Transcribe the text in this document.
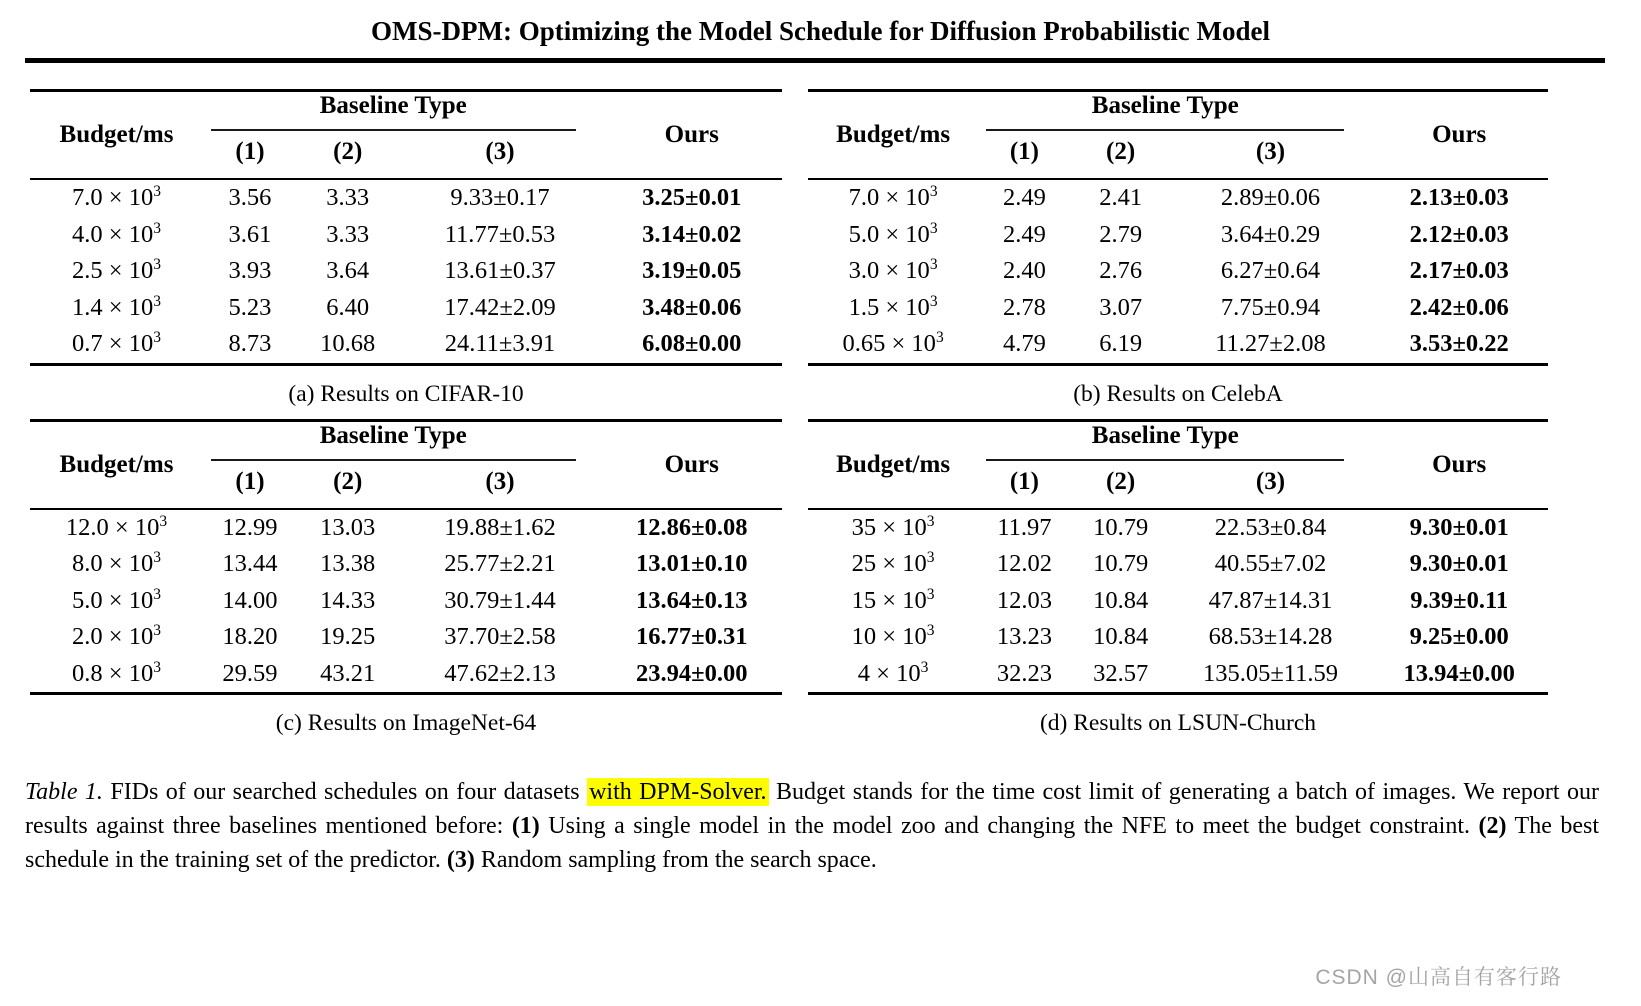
OMS-DPM: Optimizing the Model Schedule for Diffusion Probabilistic Model
Budget/ms	Baseline Type			Ours
	(1)	(2)	(3)	
$7.0 \times 10^3$	3.56	3.33	9.33±0.17	3.25±0.01
$4.0 \times 10^3$	3.61	3.33	11.77±0.53	3.14±0.02
$2.5 \times 10^3$	3.93	3.64	13.61±0.37	3.19±0.05
$1.4 \times 10^3$	5.23	6.40	17.42±2.09	3.48±0.06
$0.7 \times 10^3$	8.73	10.68	24.11±3.91	6.08±0.00
(a) Results on CIFAR-10
Budget/ms	Baseline Type			Ours
	(1)	(2)	(3)	
$7.0 \times 10^3$	2.49	2.41	2.89±0.06	2.13±0.03
$5.0 \times 10^3$	2.49	2.79	3.64±0.29	2.12±0.03
$3.0 \times 10^3$	2.40	2.76	6.27±0.64	2.17±0.03
$1.5 \times 10^3$	2.78	3.07	7.75±0.94	2.42±0.06
$0.65 \times 10^3$	4.79	6.19	11.27±2.08	3.53±0.22
(b) Results on CelebA
Budget/ms	Baseline Type			Ours
	(1)	(2)	(3)	
$12.0 \times 10^3$	12.99	13.03	19.88±1.62	12.86±0.08
$8.0 \times 10^3$	13.44	13.38	25.77±2.21	13.01±0.10
$5.0 \times 10^3$	14.00	14.33	30.79±1.44	13.64±0.13
$2.0 \times 10^3$	18.20	19.25	37.70±2.58	16.77±0.31
$0.8 \times 10^3$	29.59	43.21	47.62±2.13	23.94±0.00
(c) Results on ImageNet-64
Budget/ms	Baseline Type			Ours
	(1)	(2)	(3)	
$35 \times 10^3$	11.97	10.79	22.53±0.84	9.30±0.01
$25 \times 10^3$	12.02	10.79	40.55±7.02	9.30±0.01
$15 \times 10^3$	12.03	10.84	47.87±14.31	9.39±0.11
$10 \times 10^3$	13.23	10.84	68.53±14.28	9.25±0.00
$4 \times 10^3$	32.23	32.57	135.05±11.59	13.94±0.00
(d) Results on LSUN-Church

Table 1. FIDs of our searched schedules on four datasets with DPM-Solver. Budget stands for the time cost limit of generating a batch of images. We report our results against three baselines mentioned before: (1) Using a single model in the model zoo and changing the NFE to meet the budget constraint. (2) The best schedule in the training set of the predictor. (3) Random sampling from the search space.

CSDN @山高自有客行路
